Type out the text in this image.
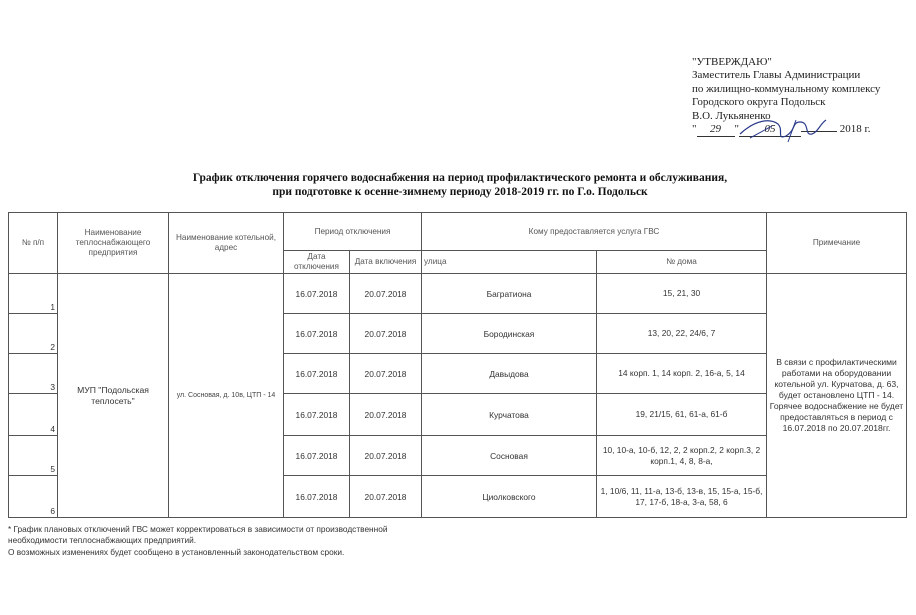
"УТВЕРЖДАЮ"
Заместитель Главы Администрации
по жилищно-коммунальному комплексу
Городского округа Подольск
В.О. Лукьяненко
" 29 " 05	2018 г.
График отключения горячего водоснабжения на период профилактического ремонта и обслуживания,
при подготовке к осенне-зимнему периоду 2018-2019 гг. по Г.о. Подольск
№ п/п	Наименование теплоснабжающего предприятия	Наименование котельной, адрес	Период отключения		Кому предоставляется услуга ГВС		Примечание
			Дата отключения	Дата включения	улица	№ дома	
1	МУП "Подольская теплосеть"	ул. Сосновая, д. 10в, ЦТП - 14	16.07.2018	20.07.2018	Багратиона	15, 21, 30	В связи с профилактическими работами на оборудовании котельной ул. Курчатова, д. 63, будет остановлено ЦТП - 14. Горячее водоснабжение не будет предоставляться в период с 16.07.2018 по 20.07.2018гг.
2			16.07.2018	20.07.2018	Бородинская	13, 20, 22, 24/6, 7	
3			16.07.2018	20.07.2018	Давыдова	14 корп. 1, 14 корп. 2, 16-а, 5, 14	
4			16.07.2018	20.07.2018	Курчатова	19, 21/15, 61, 61-а, 61-б	
5			16.07.2018	20.07.2018	Сосновая	10, 10-а, 10-б, 12, 2, 2 корп.2, 2 корп.3, 2 корп.1, 4, 8, 8-а,	
6			16.07.2018	20.07.2018	Циолковского	1, 10/6, 11, 11-а, 13-б, 13-в, 15, 15-а, 15-б, 17, 17-б, 18-а, 3-а, 58, 6	
* График плановых отключений ГВС может корректироваться в зависимости от производственной
необходимости теплоснабжающих предприятий.
О возможных изменениях будет сообщено в установленный законодательством сроки.
